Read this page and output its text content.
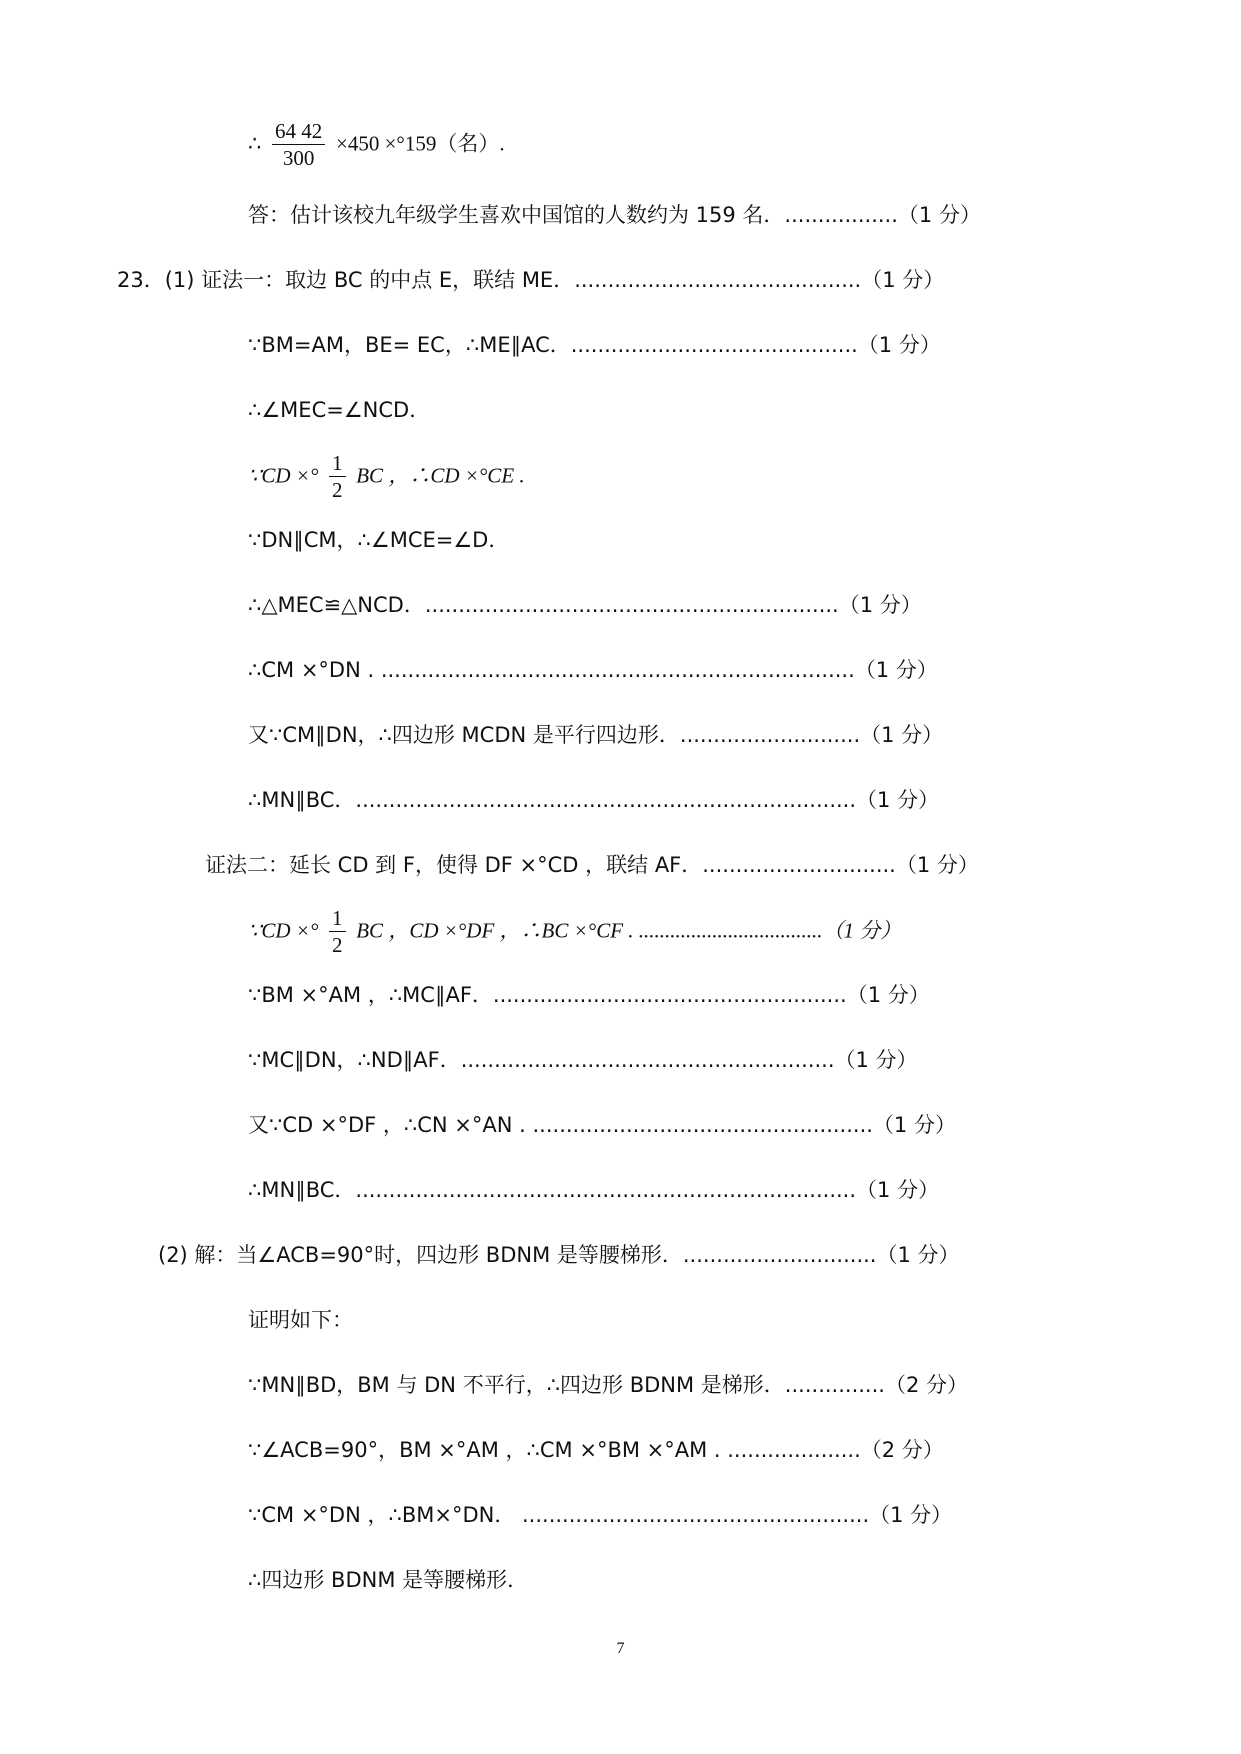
∴ $\frac{64 42}{300} \times 450 \times^\circ 159$（名）.
答：估计该校九年级学生喜欢中国馆的人数约为 159 名．.................（1 分）
23．(1) 证法一：取边 BC 的中点 E，联结 ME．...........................................（1 分）
∵BM=AM，BE= EC，∴ME∥AC．...........................................（1 分）
∴∠MEC=∠NCD．
∵CD ×° $\frac{1}{2}$ BC ，∴CD ×°CE .
∵DN∥CM，∴∠MCE=∠D．
∴△MEC≌△NCD．..............................................................（1 分）
∴CM ×°DN . .......................................................................（1 分）
又∵CM∥DN，∴四边形 MCDN 是平行四边形．...........................（1 分）
∴MN∥BC．...........................................................................（1 分）
证法二：延长 CD 到 F，使得 DF ×°CD ，联结 AF．.............................（1 分）
∵CD ×° $\frac{1}{2}$ BC ，CD ×°DF ，∴BC ×°CF . ...................................（1 分）
∵BM ×°AM ，∴MC∥AF．.....................................................（1 分）
∵MC∥DN，∴ND∥AF．........................................................（1 分）
又∵CD ×°DF ，∴CN ×°AN . ...................................................（1 分）
∴MN∥BC．...........................................................................（1 分）
(2) 解：当∠ACB=90°时，四边形 BDNM 是等腰梯形．.............................（1 分）
证明如下：
∵MN∥BD，BM 与 DN 不平行，∴四边形 BDNM 是梯形．...............（2 分）
∵∠ACB=90°，BM ×°AM ，∴CM ×°BM ×°AM . ....................（2 分）
∵CM ×°DN ，∴BM×°DN． ....................................................（1 分）
∴四边形 BDNM 是等腰梯形．
7
